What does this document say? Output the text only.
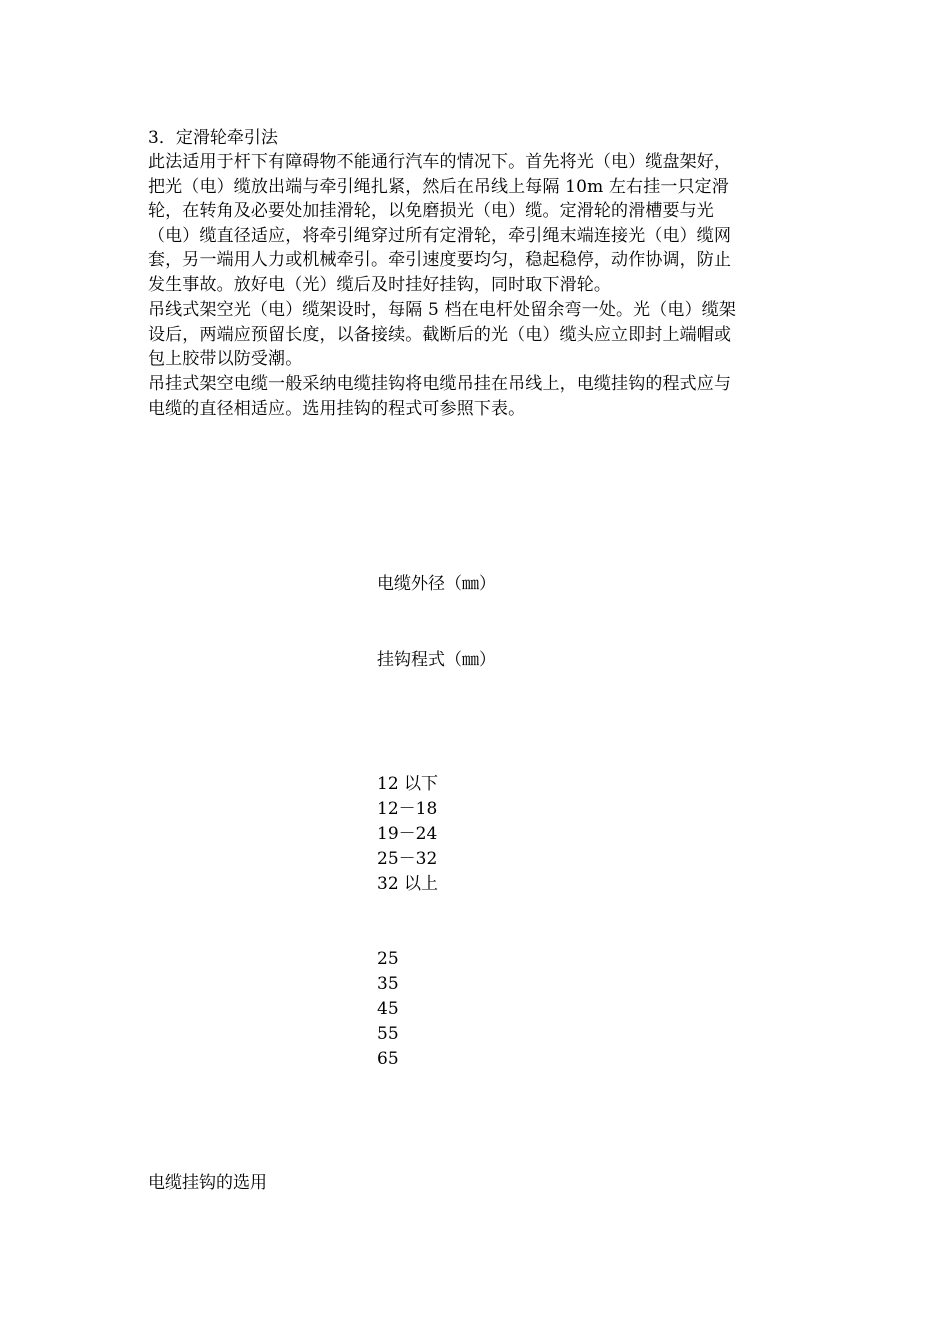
3．定滑轮牵引法
此法适用于杆下有障碍物不能通行汽车的情况下。首先将光（电）缆盘架好，
把光（电）缆放出端与牵引绳扎紧，然后在吊线上每隔 10m 左右挂一只定滑
轮，在转角及必要处加挂滑轮，以免磨损光（电）缆。定滑轮的滑槽要与光
（电）缆直径适应，将牵引绳穿过所有定滑轮，牵引绳末端连接光（电）缆网
套，另一端用人力或机械牵引。牵引速度要均匀，稳起稳停，动作协调，防止
发生事故。放好电（光）缆后及时挂好挂钩，同时取下滑轮。
吊线式架空光（电）缆架设时，每隔 5 档在电杆处留余弯一处。光（电）缆架
设后，两端应预留长度，以备接续。截断后的光（电）缆头应立即封上端帽或
包上胶带以防受潮。
吊挂式架空电缆一般采纳电缆挂钩将电缆吊挂在吊线上，电缆挂钩的程式应与
电缆的直径相适应。选用挂钩的程式可参照下表。
电缆外径（㎜）
挂钩程式（㎜）
12 以下
12－18
19－24
25－32
32 以上
25
35
45
55
65
电缆挂钩的选用
